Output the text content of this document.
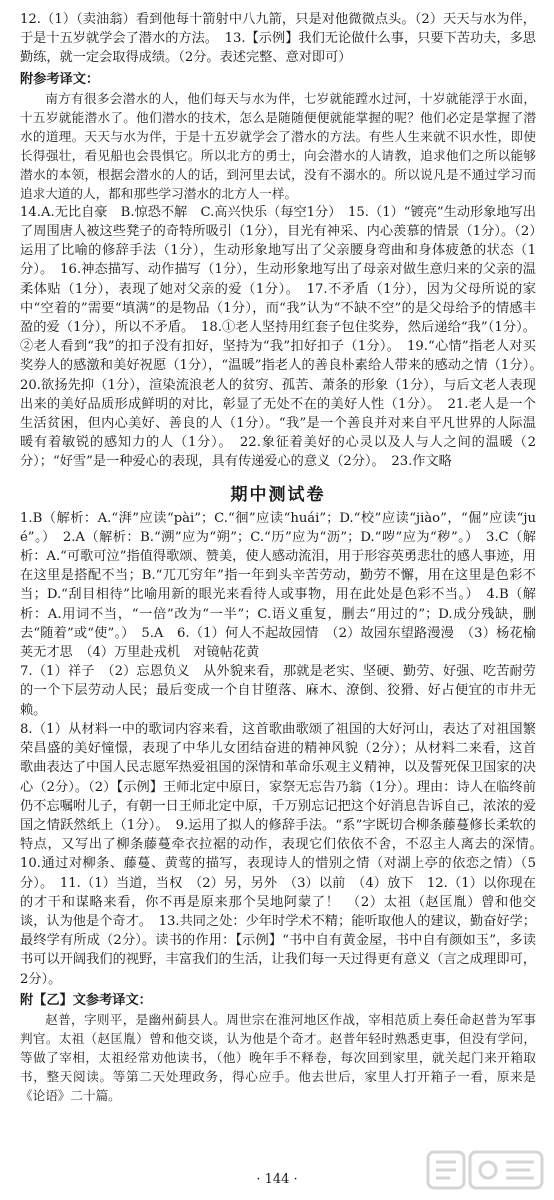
12.（1）（卖油翁）看到他每十箭射中八九箭，只是对他微微点头。（2）天天与水为伴，于是十五岁就学会了潜水的方法。　13.【示例】我们无论做什么事，只要下苦功夫，多思勤练，就一定会取得成绩。（2分。表述完整、意对即可）

附参考译文：

南方有很多会潜水的人，他们每天与水为伴，七岁就能蹚水过河，十岁就能浮于水面，十五岁就能潜水了。他们潜水的技术，怎么是随随便便就能掌握的呢？他们必定是掌握了潜水的道理。天天与水为伴，于是十五岁就学会了潜水的方法。有些人生来就不识水性，即使长得强壮，看见船也会畏惧它。所以北方的勇士，向会潜水的人请教，追求他们之所以能够潜水的本领，根据会潜水的人的话，到河里去试，没有不溺水的。所以说凡是不通过学习而追求大道的人，都和那些学习潜水的北方人一样。

14.A.无比自豪　B.惊恐不解　C.高兴快乐（每空1分）　15.（1）“镀亮”生动形象地写出了周围唐人被这些凳子的奇特所吸引（1分），目光有神采、内心羡慕的情景（1分）。（2）运用了比喻的修辞手法（1分），生动形象地写出了父亲腰身弯曲和身体疲惫的状态（1分）。　16.神态描写、动作描写（1分），生动形象地写出了母亲对做生意归来的父亲的温柔体贴（1分），表现了她对父亲的爱（1分）。　17.不矛盾（1分），因为父母所说的家中“空着的”需要“填满”的是物品（1分），而“我”认为“不缺不空”的是父母给予的情感丰盈的爱（1分），所以不矛盾。　18.①老人坚持用红套子包住奖券，然后递给“我”（1分）。②老人看到“我”的扣子没有扣好，坚持为“我”扣好扣子（1分）。　19.“心情”指老人对买奖券人的感激和美好祝愿（1分），“温暖”指老人的善良朴素给人带来的感动之情（1分）。　20.欲扬先抑（1分），渲染流浪老人的贫穷、孤苦、萧条的形象（1分），与后文老人表现出来的美好品质形成鲜明的对比，彰显了无处不在的美好人性（1分）。　21.老人是一个生活贫困，但内心美好、善良的人（1分）。“我”是一个善良并对来自平凡世界的人际温暖有着敏锐的感知力的人（1分）。　22.象征着美好的心灵以及人与人之间的温暖（2分）；“好雪”是一种爱心的表现，具有传递爱心的意义（2分）。　23.作文略

期中测试卷

1.B（解析：A.“湃”应读“pài”；C.“徊”应读“huái”；D.“校”应读“jiào”，“倔”应读“jué”。）　2.A（解析：B.“溯”应为“朔”；C.“历”应为“沥”；D.“哕”应为“秽”。）　3.C（解析：A.“可歌可泣”指值得歌颂、赞美，使人感动流泪，用于形容英勇悲壮的感人事迹，用在这里是搭配不当；B.“兀兀穷年”指一年到头辛苦劳动，勤劳不懈，用在这里是色彩不当；D.“刮目相待”比喻用新的眼光来看待人或事物，用在此处是色彩不当。）　4.B（解析：A.用词不当，“一倍”改为“一半”；C.语义重复，删去“用过的”；D.成分残缺，删去“随着”或“使”。）　5.A　6.（1）何人不起故园情　（2）故园东望路漫漫　（3）杨花榆荚无才思　（4）万里赴戎机　对镜帖花黄

7.（1）祥子　（2）忘恩负义　从外貌来看，那就是老实、坚硬、勤劳、好强、吃苦耐劳的一个下层劳动人民；最后变成一个自甘堕落、麻木、潦倒、狡猾、好占便宜的市井无赖。

8.（1）从材料一中的歌词内容来看，这首歌曲歌颂了祖国的大好河山，表达了对祖国繁荣昌盛的美好憧憬，表现了中华儿女团结奋进的精神风貌（2分）；从材料二来看，这首歌曲表达了中国人民志愿军热爱祖国的深情和革命乐观主义精神，以及誓死保卫国家的决心（2分）。（2）【示例】王师北定中原日，家祭无忘告乃翁（1分）。理由：诗人在临终前仍不忘嘱咐儿子，有朝一日王师北定中原，千万别忘记把这个好消息告诉自己，浓浓的爱国之情跃然纸上（1分）。　9.运用了拟人的修辞手法。“系”字既切合柳条藤蔓修长柔软的特点，又写出了柳条藤蔓牵衣拉裾的动作，表现它们依依不舍，不忍主人离去的深情。　10.通过对柳条、藤蔓、黄莺的描写，表现诗人的惜别之情（对湖上亭的依恋之情）（5分）。　11.（1）当道，当权　（2）另，另外　（3）以前　（4）放下　12.（1）以你现在的才干和谋略来看，你不再是原来那个吴地阿蒙了！　（2）太祖（赵匡胤）曾和他交谈，认为他是个奇才。　13.共同之处：少年时学术不精；能听取他人的建议，勤奋好学；最终学有所成（2分）。读书的作用：【示例】“书中自有黄金屋，书中自有颜如玉”，多读书可以开阔我们的视野，丰富我们的生活，让我们每一天过得更有意义（言之成理即可，2分）。

附【乙】文参考译文：

赵普，字则平，是幽州蓟县人。周世宗在淮河地区作战，宰相范质上奏任命赵普为军事判官。太祖（赵匡胤）曾和他交谈，认为他是个奇才。赵普年轻时熟悉吏事，但没有学问，等做了宰相，太祖经常劝他读书，（他）晚年手不释卷，每次回到家里，就关起门来开箱取书，整天阅读。等第二天处理政务，得心应手。他去世后，家里人打开箱子一看，原来是《论语》二十篇。

· 144 ·
